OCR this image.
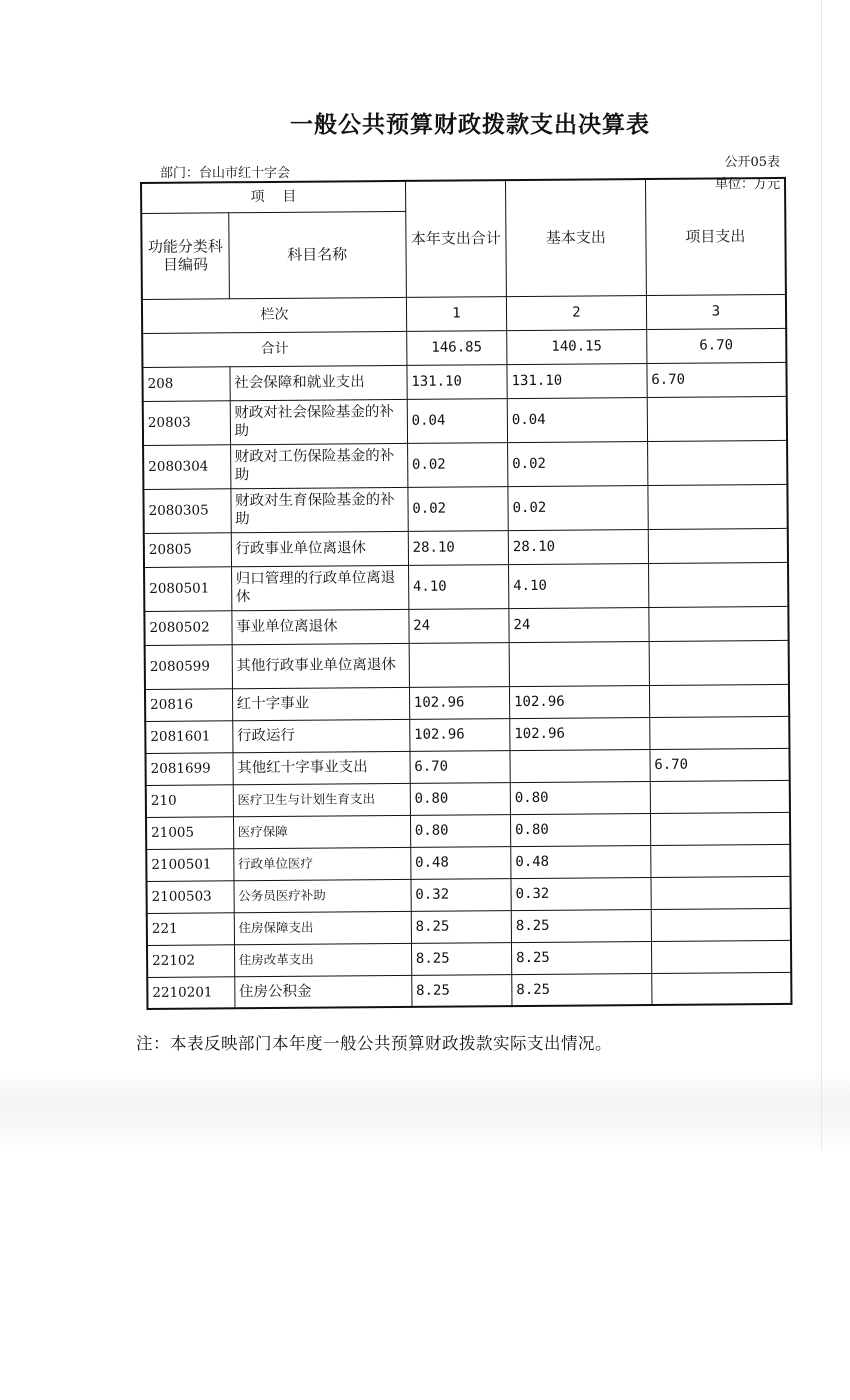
一般公共预算财政拨款支出决算表
公开05表
部门：台山市红十字会
单位：万元
项    目		本年支出合计	基本支出	项目支出
功能分类科目编码	科目名称			
栏次		1	2	3
合计		146.85	140.15	6.70
208	社会保障和就业支出	131.10	131.10	6.70
20803	财政对社会保险基金的补助	0.04	0.04	
2080304	财政对工伤保险基金的补助	0.02	0.02	
2080305	财政对生育保险基金的补助	0.02	0.02	
20805	行政事业单位离退休	28.10	28.10	
2080501	归口管理的行政单位离退休	4.10	4.10	
2080502	事业单位离退休	24	24	
2080599	其他行政事业单位离退休			
20816	红十字事业	102.96	102.96	
2081601	行政运行	102.96	102.96	
2081699	其他红十字事业支出	6.70		6.70
210	医疗卫生与计划生育支出	0.80	0.80	
21005	医疗保障	0.80	0.80	
2100501	行政单位医疗	0.48	0.48	
2100503	公务员医疗补助	0.32	0.32	
221	住房保障支出	8.25	8.25	
22102	住房改革支出	8.25	8.25	
2210201	住房公积金	8.25	8.25	
注：本表反映部门本年度一般公共预算财政拨款实际支出情况。
